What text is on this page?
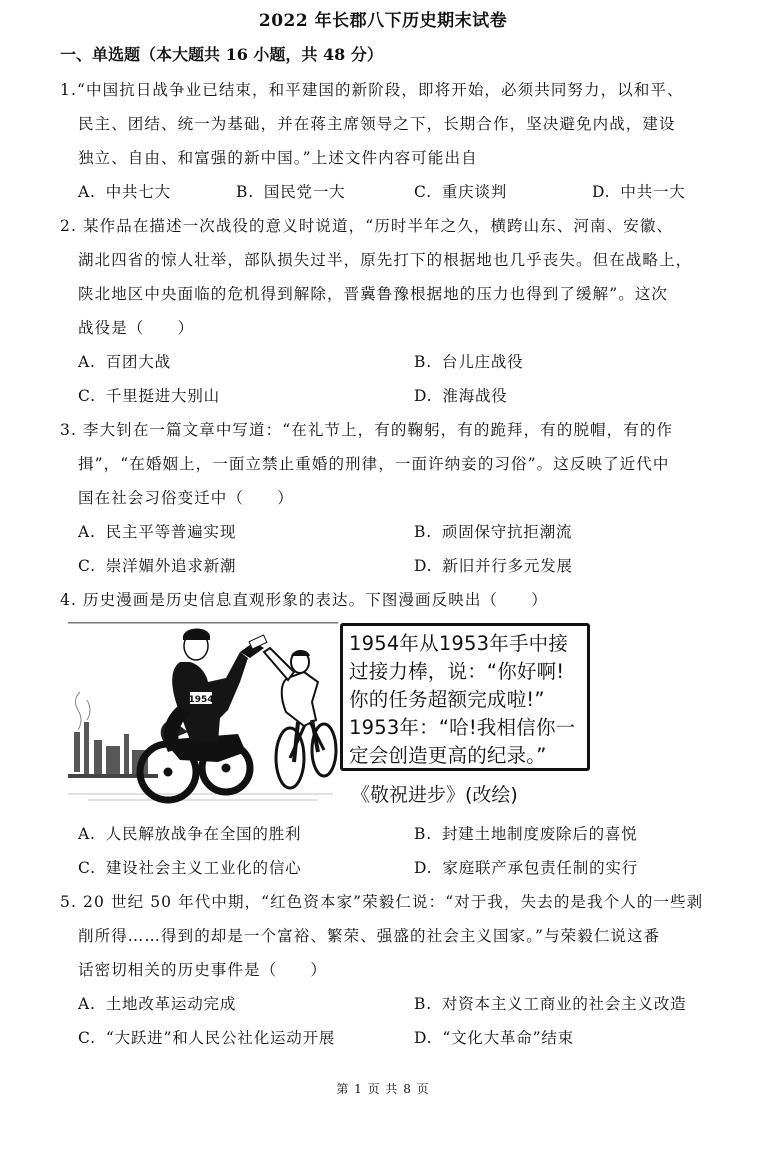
2022 年长郡八下历史期末试卷
一、单选题（本大题共 16 小题，共 48 分）
1.“中国抗日战争业已结束，和平建国的新阶段，即将开始，必须共同努力，以和平、
民主、团结、统一为基础，并在蒋主席领导之下，长期合作，坚决避免内战，建设
独立、自由、和富强的新中国。”上述文件内容可能出自
A. 中共七大	B. 国民党一大	C. 重庆谈判	D. 中共一大
2. 某作品在描述一次战役的意义时说道，“历时半年之久，横跨山东、河南、安徽、
湖北四省的惊人壮举，部队损失过半，原先打下的根据地也几乎丧失。但在战略上，
陕北地区中央面临的危机得到解除，晋冀鲁豫根据地的压力也得到了缓解”。这次
战役是（　　）
A. 百团大战	B. 台儿庄战役
C. 千里挺进大别山	D. 淮海战役
3. 李大钊在一篇文章中写道：“在礼节上，有的鞠躬，有的跪拜，有的脱帽，有的作
揖”，“在婚姻上，一面立禁止重婚的刑律，一面许纳妾的习俗”。这反映了近代中
国在社会习俗变迁中（　　）
A. 民主平等普遍实现	B. 顽固保守抗拒潮流
C. 崇洋媚外追求新潮	D. 新旧并行多元发展
4. 历史漫画是历史信息直观形象的表达。下图漫画反映出（　　）
1954
1954年从1953年手中接
过接力棒，说：“你好啊!
你的任务超额完成啦!”
1953年：“哈!我相信你一
定会创造更高的纪录。”
《敬祝进步》(改绘)
A. 人民解放战争在全国的胜利	B. 封建土地制度废除后的喜悦
C. 建设社会主义工业化的信心	D. 家庭联产承包责任制的实行
5. 20 世纪 50 年代中期，“红色资本家”荣毅仁说：“对于我，失去的是我个人的一些剥
削所得……得到的却是一个富裕、繁荣、强盛的社会主义国家。”与荣毅仁说这番
话密切相关的历史事件是（　　）
A. 土地改革运动完成	B. 对资本主义工商业的社会主义改造
C. “大跃进”和人民公社化运动开展	D. “文化大革命”结束
第 1 页 共 8 页
